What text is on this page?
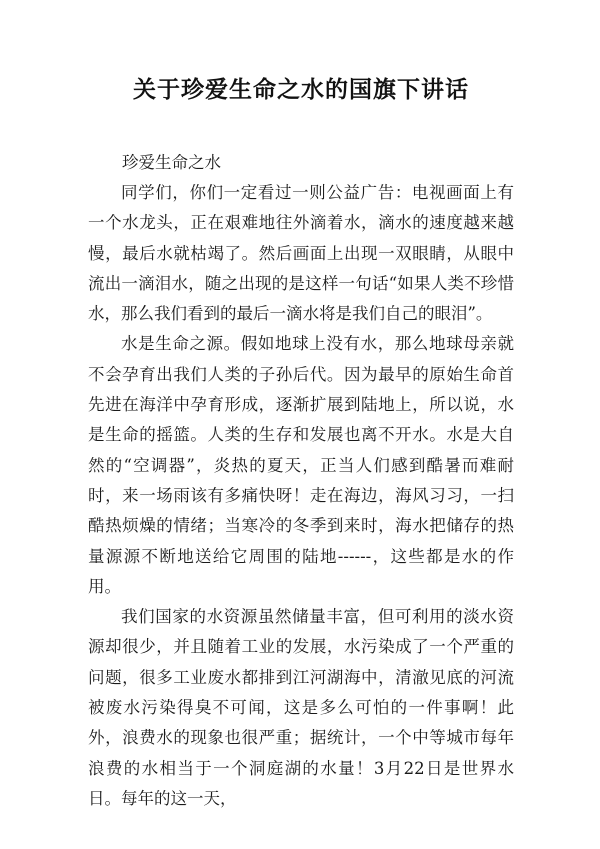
关于珍爱生命之水的国旗下讲话

珍爱生命之水

同学们，你们一定看过一则公益广告：电视画面上有一个水龙头，正在艰难地往外滴着水，滴水的速度越来越慢，最后水就枯竭了。然后画面上出现一双眼睛，从眼中流出一滴泪水，随之出现的是这样一句话“如果人类不珍惜水，那么我们看到的最后一滴水将是我们自己的眼泪”。

水是生命之源。假如地球上没有水，那么地球母亲就不会孕育出我们人类的子孙后代。因为最早的原始生命首先进在海洋中孕育形成，逐渐扩展到陆地上，所以说，水是生命的摇篮。人类的生存和发展也离不开水。水是大自然的“空调器”，炎热的夏天，正当人们感到酷暑而难耐时，来一场雨该有多痛快呀！走在海边，海风习习，一扫酷热烦燥的情绪；当寒冷的冬季到来时，海水把储存的热量源源不断地送给它周围的陆地------，这些都是水的作用。

我们国家的水资源虽然储量丰富，但可利用的淡水资源却很少，并且随着工业的发展，水污染成了一个严重的问题，很多工业废水都排到江河湖海中，清澈见底的河流被废水污染得臭不可闻，这是多么可怕的一件事啊！此外，浪费水的现象也很严重；据统计，一个中等城市每年浪费的水相当于一个洞庭湖的水量！3月22日是世界水日。每年的这一天，
